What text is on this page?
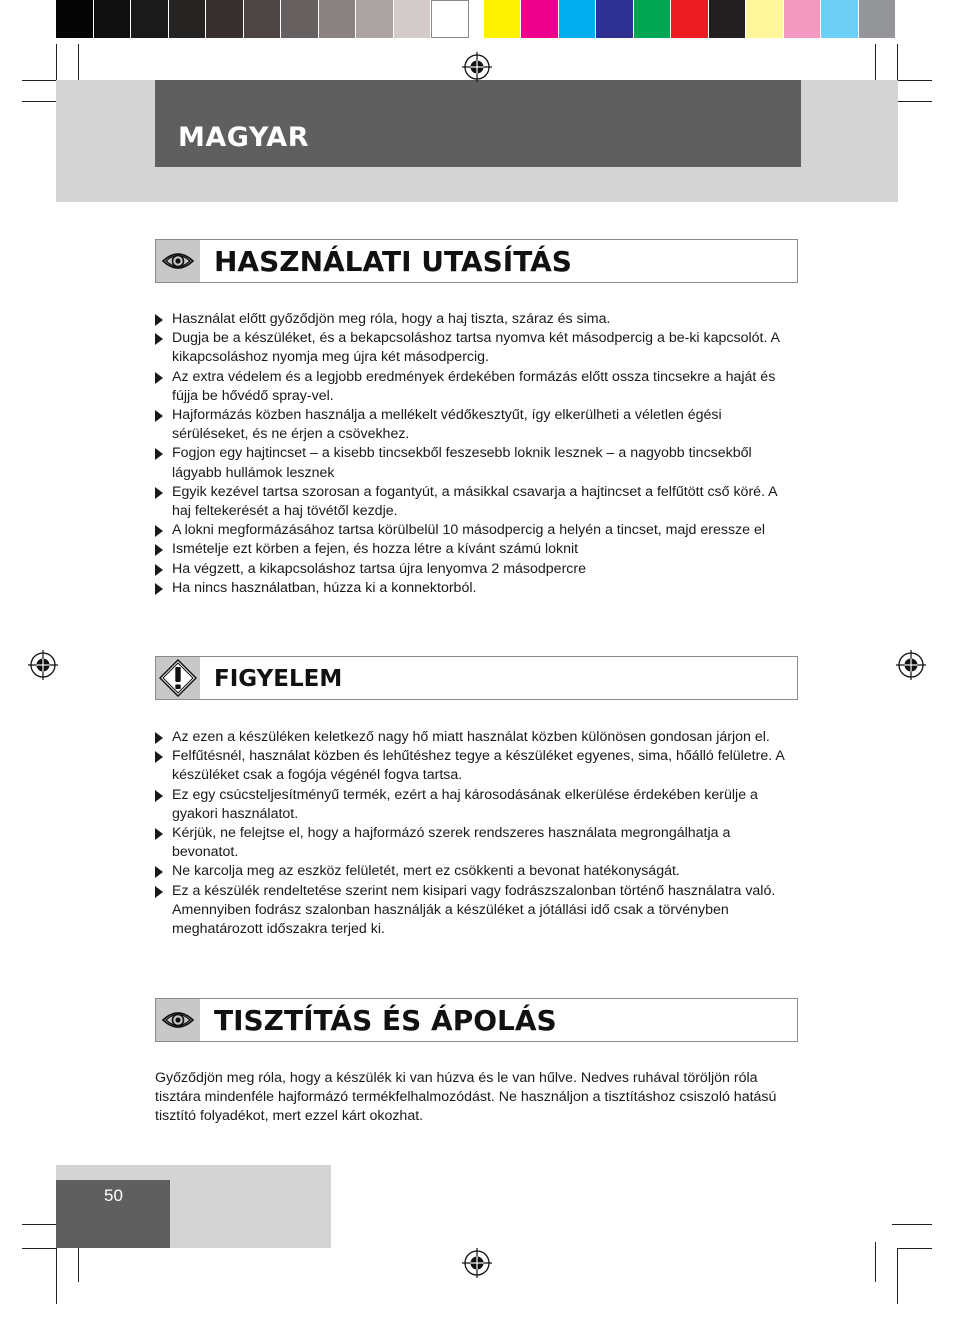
MAGYAR
HASZNÁLATI UTASÍTÁS
Használat előtt győződjön meg róla, hogy a haj tiszta, száraz és sima.
Dugja be a készüléket, és a bekapcsoláshoz tartsa nyomva két másodpercig a be-ki kapcsolót. A kikapcsoláshoz nyomja meg újra két másodpercig.
Az extra védelem és a legjobb eredmények érdekében formázás előtt ossza tincsekre a haját és fújja be hővédő spray-vel.
Hajformázás közben használja a mellékelt védőkesztyűt, így elkerülheti a véletlen égési sérüléseket, és ne érjen a csövekhez.
Fogjon egy hajtincset – a kisebb tincsekből feszesebb loknik lesznek – a nagyobb tincsekből lágyabb hullámok lesznek
Egyik kezével tartsa szorosan a fogantyút, a másikkal csavarja a hajtincset a felfűtött cső köré. A haj feltekerését a haj tövétől kezdje.
A lokni megformázásához tartsa körülbelül 10 másodpercig a helyén a tincset, majd eressze el
Ismételje ezt körben a fejen, és hozza létre a kívánt számú loknit
Ha végzett, a kikapcsoláshoz tartsa újra lenyomva 2 másodpercre
Ha nincs használatban, húzza ki a konnektorból.
FIGYELEM
Az ezen a készüléken keletkező nagy hő miatt használat közben különösen gondosan járjon el.
Felfűtésnél, használat közben és lehűtéshez tegye a készüléket egyenes, sima, hőálló felületre. A készüléket csak a fogója végénél fogva tartsa.
Ez egy csúcsteljesítményű termék, ezért a haj károsodásának elkerülése érdekében kerülje a gyakori használatot.
Kérjük, ne felejtse el, hogy a hajformázó szerek rendszeres használata megrongálhatja a bevonatot.
Ne karcolja meg az eszköz felületét, mert ez csökkenti a bevonat hatékonyságát.
Ez a készülék rendeltetése szerint nem kisipari vagy fodrászszalonban történő használatra való. Amennyiben fodrász szalonban használják a készüléket a jótállási idő csak a törvényben meghatározott időszakra terjed ki.
TISZTÍTÁS ÉS ÁPOLÁS

Győződjön meg róla, hogy a készülék ki van húzva és le van hűlve. Nedves ruhával töröljön róla tisztára mindenféle hajformázó termékfelhalmozódást. Ne használjon a tisztításhoz csiszoló hatású tisztító folyadékot, mert ezzel kárt okozhat.

50
